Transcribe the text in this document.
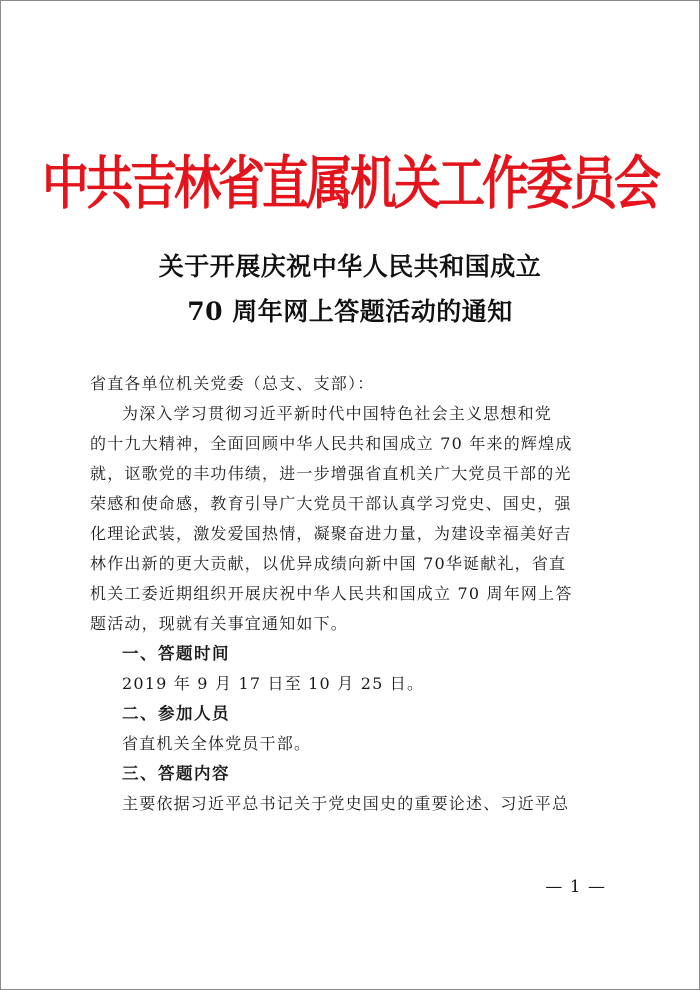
中共吉林省直属机关工作委员会
关于开展庆祝中华人民共和国成立
70 周年网上答题活动的通知
省直各单位机关党委（总支、支部）：
为深入学习贯彻习近平新时代中国特色社会主义思想和党
的十九大精神，全面回顾中华人民共和国成立 70 年来的辉煌成
就，讴歌党的丰功伟绩，进一步增强省直机关广大党员干部的光
荣感和使命感，教育引导广大党员干部认真学习党史、国史，强
化理论武装，激发爱国热情，凝聚奋进力量，为建设幸福美好吉
林作出新的更大贡献，以优异成绩向新中国 70华诞献礼，省直
机关工委近期组织开展庆祝中华人民共和国成立 70 周年网上答
题活动，现就有关事宜通知如下。
一、答题时间
2019 年 9 月 17 日至 10 月 25 日。
二、参加人员
省直机关全体党员干部。
三、答题内容
主要依据习近平总书记关于党史国史的重要论述、习近平总
— 1 —
